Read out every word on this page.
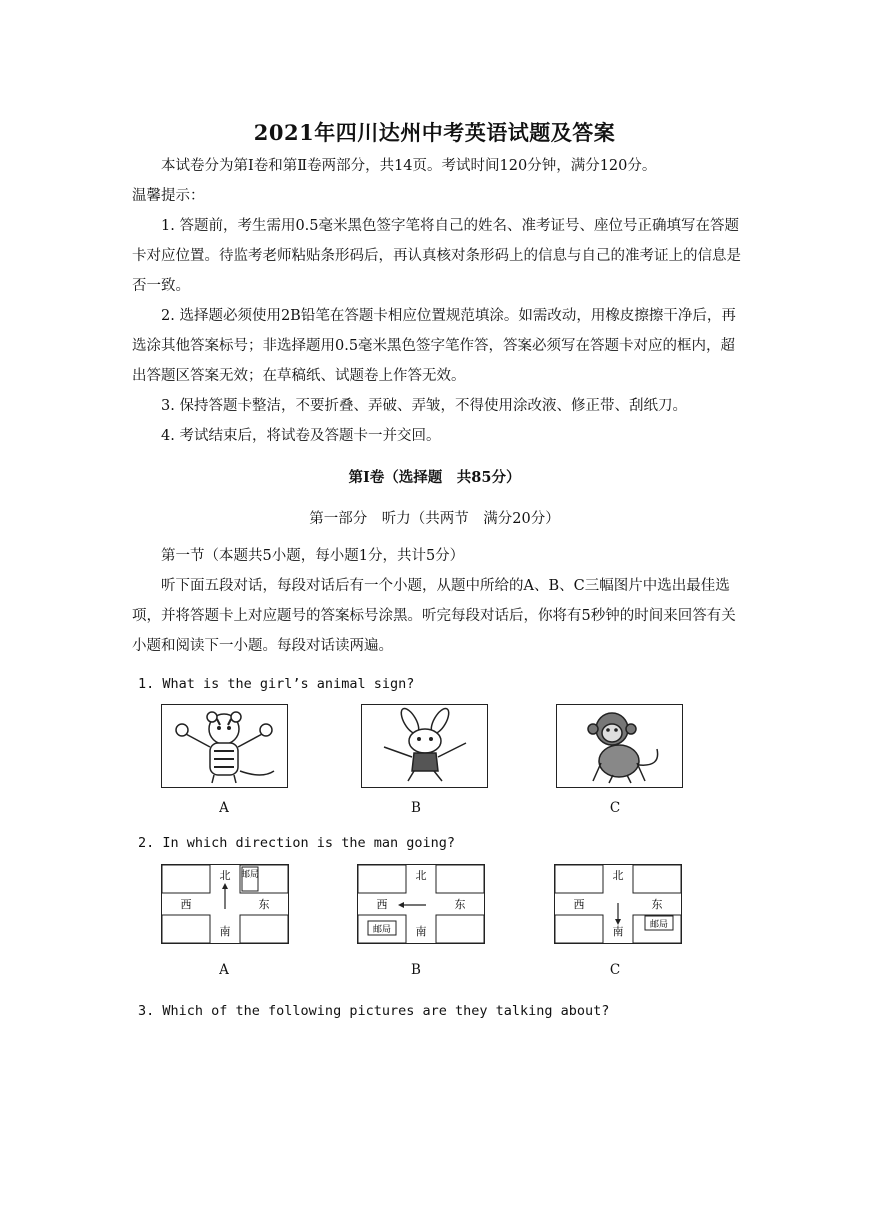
2021年四川达州中考英语试题及答案

本试卷分为第Ⅰ卷和第Ⅱ卷两部分，共14页。考试时间120分钟，满分120分。

温馨提示：

1. 答题前，考生需用0.5毫米黑色签字笔将自己的姓名、准考证号、座位号正确填写在答题卡对应位置。待监考老师粘贴条形码后，再认真核对条形码上的信息与自己的准考证上的信息是否一致。

2. 选择题必须使用2B铅笔在答题卡相应位置规范填涂。如需改动，用橡皮擦擦干净后，再选涂其他答案标号；非选择题用0.5毫米黑色签字笔作答，答案必须写在答题卡对应的框内，超出答题区答案无效；在草稿纸、试题卷上作答无效。

3. 保持答题卡整洁，不要折叠、弄破、弄皱，不得使用涂改液、修正带、刮纸刀。

4. 考试结束后，将试卷及答题卡一并交回。

第Ⅰ卷（选择题　共85分）
第一部分　听力（共两节　满分20分）

第一节（本题共5小题，每小题1分，共计5分）

听下面五段对话，每段对话后有一个小题，从题中所给的A、B、C三幅图片中选出最佳选项，并将答题卡上对应题号的答案标号涂黑。听完每段对话后，你将有5秒钟的时间来回答有关小题和阅读下一小题。每段对话读两遍。

1. What is the girl’s animal sign?
A	B	C
2. In which direction is the man going?
北
南
东
西
邮局	北
南
东
西
邮局
北
南
东
西
邮局
A	B	C
3. Which of the following pictures are they talking about?
